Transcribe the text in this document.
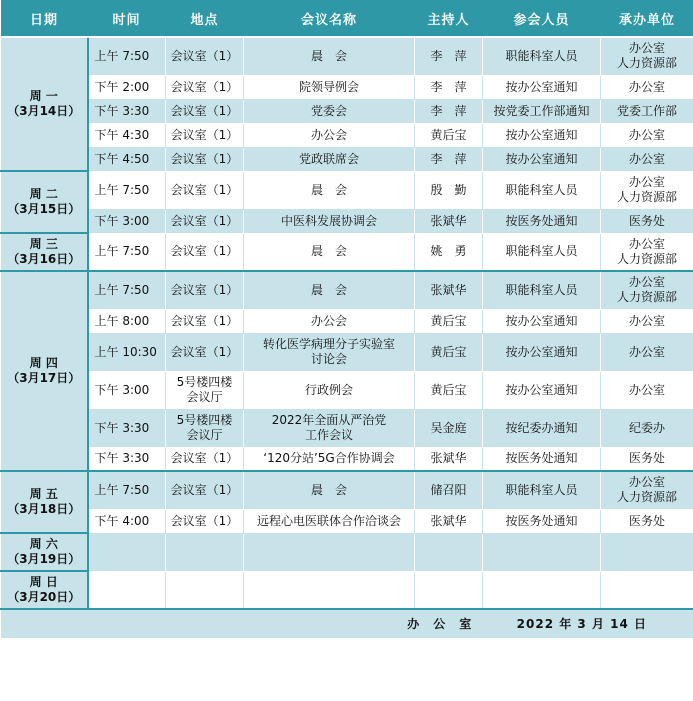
日期	时间	地点	会议名称	主持人	参会人员	承办单位

周 一
（3月14日）	上午 7:50	会议室（1）	晨　会	李　萍	职能科室人员	办公室
人力资源部

	下午 2:00	会议室（1）	院领导例会	李　萍	按办公室通知	办公室

	下午 3:30	会议室（1）	党委会	李　萍	按党委工作部通知	党委工作部

	下午 4:30	会议室（1）	办公会	黄后宝	按办公室通知	办公室

	下午 4:50	会议室（1）	党政联席会	李　萍	按办公室通知	办公室

周 二
（3月15日）	上午 7:50	会议室（1）	晨　会	殷　勤	职能科室人员	办公室
人力资源部

	下午 3:00	会议室（1）	中医科发展协调会	张斌华	按医务处通知	医务处

周 三
（3月16日）	上午 7:50	会议室（1）	晨　会	姚　勇	职能科室人员	办公室
人力资源部

周 四
（3月17日）	上午 7:50	会议室（1）	晨　会	张斌华	职能科室人员	办公室
人力资源部

	上午 8:00	会议室（1）	办公会	黄后宝	按办公室通知	办公室

	上午 10:30	会议室（1）	转化医学病理分子实验室
讨论会	黄后宝	按办公室通知	办公室

	下午 3:00	5号楼四楼
会议厅	行政例会	黄后宝	按办公室通知	办公室

	下午 3:30	5号楼四楼
会议厅	2022年全面从严治党
工作会议	吴金庭	按纪委办通知	纪委办

	下午 3:30	会议室（1）	‘120分站’5G合作协调会	张斌华	按医务处通知	医务处

周 五
（3月18日）	上午 7:50	会议室（1）	晨　会	储召阳	职能科室人员	办公室
人力资源部

	下午 4:00	会议室（1）	远程心电医联体合作洽谈会	张斌华	按医务处通知	医务处

周 六
（3月19日）						

周 日
（3月20日）						

办　公　室 2022 年 3 月 14 日						
